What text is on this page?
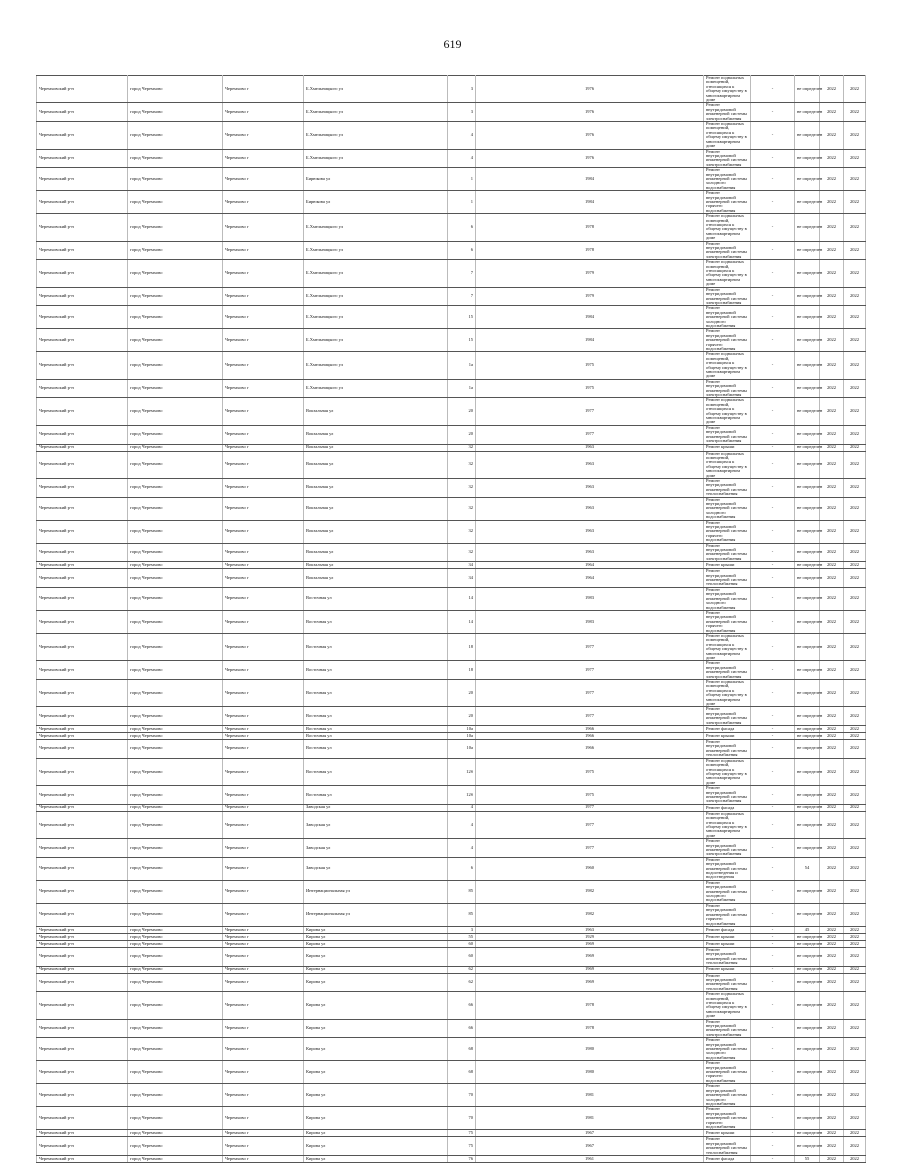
619
Черемховский р-н	город Черемхово	Черемхово г	Б.Хмельницкого ул	3	1976	Ремонт подвальных помещений, относящихся к общему имуществу в многоквартирном доме	-	не определен	2022	2022
Черемховский р-н	город Черемхово	Черемхово г	Б.Хмельницкого ул	3	1976	Ремонт внутридомовой инженерной системы электроснабжения	-	не определен	2022	2022
Черемховский р-н	город Черемхово	Черемхово г	Б.Хмельницкого ул	4	1976	Ремонт подвальных помещений, относящихся к общему имуществу в многоквартирном доме	-	не определен	2022	2022
Черемховский р-н	город Черемхово	Черемхово г	Б.Хмельницкого ул	4	1976	Ремонт внутридомовой инженерной системы электроснабжения	-	не определен	2022	2022
Черемховский р-н	город Черемхово	Черемхово г	Бирюкова ул	1	1984	Ремонт внутридомовой инженерной системы холодного водоснабжения	-	не определен	2022	2022
Черемховский р-н	город Черемхово	Черемхово г	Бирюкова ул	1	1984	Ремонт внутридомовой инженерной системы горячего водоснабжения	-	не определен	2022	2022
Черемховский р-н	город Черемхово	Черемхово г	Б.Хмельницкого ул	6	1978	Ремонт подвальных помещений, относящихся к общему имуществу в многоквартирном доме	-	не определен	2022	2022
Черемховский р-н	город Черемхово	Черемхово г	Б.Хмельницкого ул	6	1978	Ремонт внутридомовой инженерной системы электроснабжения	-	не определен	2022	2022
Черемховский р-н	город Черемхово	Черемхово г	Б.Хмельницкого ул	7	1979	Ремонт подвальных помещений, относящихся к общему имуществу в многоквартирном доме	-	не определен	2022	2022
Черемховский р-н	город Черемхово	Черемхово г	Б.Хмельницкого ул	7	1979	Ремонт внутридомовой инженерной системы электроснабжения	-	не определен	2022	2022
Черемховский р-н	город Черемхово	Черемхово г	Б.Хмельницкого ул	15	1984	Ремонт внутридомовой инженерной системы холодного водоснабжения	-	не определен	2022	2022
Черемховский р-н	город Черемхово	Черемхово г	Б.Хмельницкого ул	15	1984	Ремонт внутридомовой инженерной системы горячего водоснабжения	-	не определен	2022	2022
Черемховский р-н	город Черемхово	Черемхово г	Б.Хмельницкого ул	1а	1975	Ремонт подвальных помещений, относящихся к общему имуществу в многоквартирном доме	-	не определен	2022	2022
Черемховский р-н	город Черемхово	Черемхово г	Б.Хмельницкого ул	1а	1975	Ремонт внутридомовой инженерной системы электроснабжения	-	не определен	2022	2022
Черемховский р-н	город Черемхово	Черемхово г	Вокзальная ул	20	1977	Ремонт подвальных помещений, относящихся к общему имуществу в многоквартирном доме	-	не определен	2022	2022
Черемховский р-н	город Черемхово	Черемхово г	Вокзальная ул	20	1977	Ремонт внутридомовой инженерной системы электроснабжения	-	не определен	2022	2022
Черемховский р-н	город Черемхово	Черемхово г	Вокзальная ул	32	1963	Ремонт крыши	-	не определен	2022	2022
Черемховский р-н	город Черемхово	Черемхово г	Вокзальная ул	32	1963	Ремонт подвальных помещений, относящихся к общему имуществу в многоквартирном доме	-	не определен	2022	2022
Черемховский р-н	город Черемхово	Черемхово г	Вокзальная ул	32	1963	Ремонт внутридомовой инженерной системы теплоснабжения	-	не определен	2022	2022
Черемховский р-н	город Черемхово	Черемхово г	Вокзальная ул	32	1963	Ремонт внутридомовой инженерной системы холодного водоснабжения	-	не определен	2022	2022
Черемховский р-н	город Черемхово	Черемхово г	Вокзальная ул	32	1963	Ремонт внутридомовой инженерной системы горячего водоснабжения	-	не определен	2022	2022
Черемховский р-н	город Черемхово	Черемхово г	Вокзальная ул	32	1963	Ремонт внутридомовой инженерной системы электроснабжения	-	не определен	2022	2022
Черемховский р-н	город Черемхово	Черемхово г	Вокзальная ул	34	1964	Ремонт крыши	-	не определен	2022	2022
Черемховский р-н	город Черемхово	Черемхово г	Вокзальная ул	34	1964	Ремонт внутридомовой инженерной системы теплоснабжения	-	не определен	2022	2022
Черемховский р-н	город Черемхово	Черемхово г	Восточная ул	14	1983	Ремонт внутридомовой инженерной системы холодного водоснабжения	-	не определен	2022	2022
Черемховский р-н	город Черемхово	Черемхово г	Восточная ул	14	1983	Ремонт внутридомовой инженерной системы горячего водоснабжения	-	не определен	2022	2022
Черемховский р-н	город Черемхово	Черемхово г	Восточная ул	18	1977	Ремонт подвальных помещений, относящихся к общему имуществу в многоквартирном доме	-	не определен	2022	2022
Черемховский р-н	город Черемхово	Черемхово г	Восточная ул	18	1977	Ремонт внутридомовой инженерной системы электроснабжения	-	не определен	2022	2022
Черемховский р-н	город Черемхово	Черемхово г	Восточная ул	20	1977	Ремонт подвальных помещений, относящихся к общему имуществу в многоквартирном доме	-	не определен	2022	2022
Черемховский р-н	город Черемхово	Черемхово г	Восточная ул	20	1977	Ремонт внутридомовой инженерной системы электроснабжения	-	не определен	2022	2022
Черемховский р-н	город Черемхово	Черемхово г	Восточная ул	10а	1966	Ремонт фасада	-	не определен	2022	2022
Черемховский р-н	город Черемхово	Черемхово г	Восточная ул	10а	1966	Ремонт крыши	-	не определен	2022	2022
Черемховский р-н	город Черемхово	Черемхово г	Восточная ул	10а	1966	Ремонт внутридомовой инженерной системы теплоснабжения	-	не определен	2022	2022
Черемховский р-н	город Черемхово	Черемхово г	Восточная ул	12б	1975	Ремонт подвальных помещений, относящихся к общему имуществу в многоквартирном доме	-	не определен	2022	2022
Черемховский р-н	город Черемхово	Черемхово г	Восточная ул	12б	1975	Ремонт внутридомовой инженерной системы электроснабжения	-	не определен	2022	2022
Черемховский р-н	город Черемхово	Черемхово г	Заводская ул	4	1977	Ремонт фасада	-	не определен	2022	2022
Черемховский р-н	город Черемхово	Черемхово г	Заводская ул	4	1977	Ремонт подвальных помещений, относящихся к общему имуществу в многоквартирном доме	-	не определен	2022	2022
Черемховский р-н	город Черемхово	Черемхово г	Заводская ул	4	1977	Ремонт внутридомовой инженерной системы электроснабжения	-	не определен	2022	2022
Черемховский р-н	город Черемхово	Черемхово г	Заводская ул	6	1960	Ремонт внутридомовой инженерной системы водоотведения и водостведения	-	54	2022	2022
Черемховский р-н	город Черемхово	Черемхово г	Интернациональная ул	85	1982	Ремонт внутридомовой инженерной системы холодного водоснабжения	-	не определен	2022	2022
Черемховский р-н	город Черемхово	Черемхово г	Интернациональная ул	85	1982	Ремонт внутридомовой инженерной системы горячего водоснабжения	-	не определен	2022	2022
Черемховский р-н	город Черемхово	Черемхово г	Кирова ул	3	1963	Ремонт фасада	-	45	2022	2022
Черемховский р-н	город Черемхово	Черемхово г	Кирова ул	55	1929	Ремонт крыши	-	не определен	2022	2022
Черемховский р-н	город Черемхово	Черемхово г	Кирова ул	60	1969	Ремонт крыши	-	не определен	2022	2022
Черемховский р-н	город Черемхово	Черемхово г	Кирова ул	60	1969	Ремонт внутридомовой инженерной системы теплоснабжения	-	не определен	2022	2022
Черемховский р-н	город Черемхово	Черемхово г	Кирова ул	62	1969	Ремонт крыши	-	не определен	2022	2022
Черемховский р-н	город Черемхово	Черемхово г	Кирова ул	62	1969	Ремонт внутридомовой инженерной системы теплоснабжения	-	не определен	2022	2022
Черемховский р-н	город Черемхово	Черемхово г	Кирова ул	66	1978	Ремонт подвальных помещений, относящихся к общему имуществу в многоквартирном доме	-	не определен	2022	2022
Черемховский р-н	город Черемхово	Черемхово г	Кирова ул	66	1978	Ремонт внутридомовой инженерной системы электроснабжения	-	не определен	2022	2022
Черемховский р-н	город Черемхово	Черемхово г	Кирова ул	68	1980	Ремонт внутридомовой инженерной системы холодного водоснабжения	-	не определен	2022	2022
Черемховский р-н	город Черемхово	Черемхово г	Кирова ул	68	1980	Ремонт внутридомовой инженерной системы горячего водоснабжения	-	не определен	2022	2022
Черемховский р-н	город Черемхово	Черемхово г	Кирова ул	70	1981	Ремонт внутридомовой инженерной системы холодного водоснабжения	-	не определен	2022	2022
Черемховский р-н	город Черемхово	Черемхово г	Кирова ул	70	1981	Ремонт внутридомовой инженерной системы горячего водоснабжения	-	не определен	2022	2022
Черемховский р-н	город Черемхово	Черемхово г	Кирова ул	75	1967	Ремонт крыши	-	не определен	2022	2022
Черемховский р-н	город Черемхово	Черемхово г	Кирова ул	75	1967	Ремонт внутридомовой инженерной системы теплоснабжения	-	не определен	2022	2022
Черемховский р-н	город Черемхово	Черемхово г	Кирова ул	76	1961	Ремонт фасада	-	55	2022	2022
